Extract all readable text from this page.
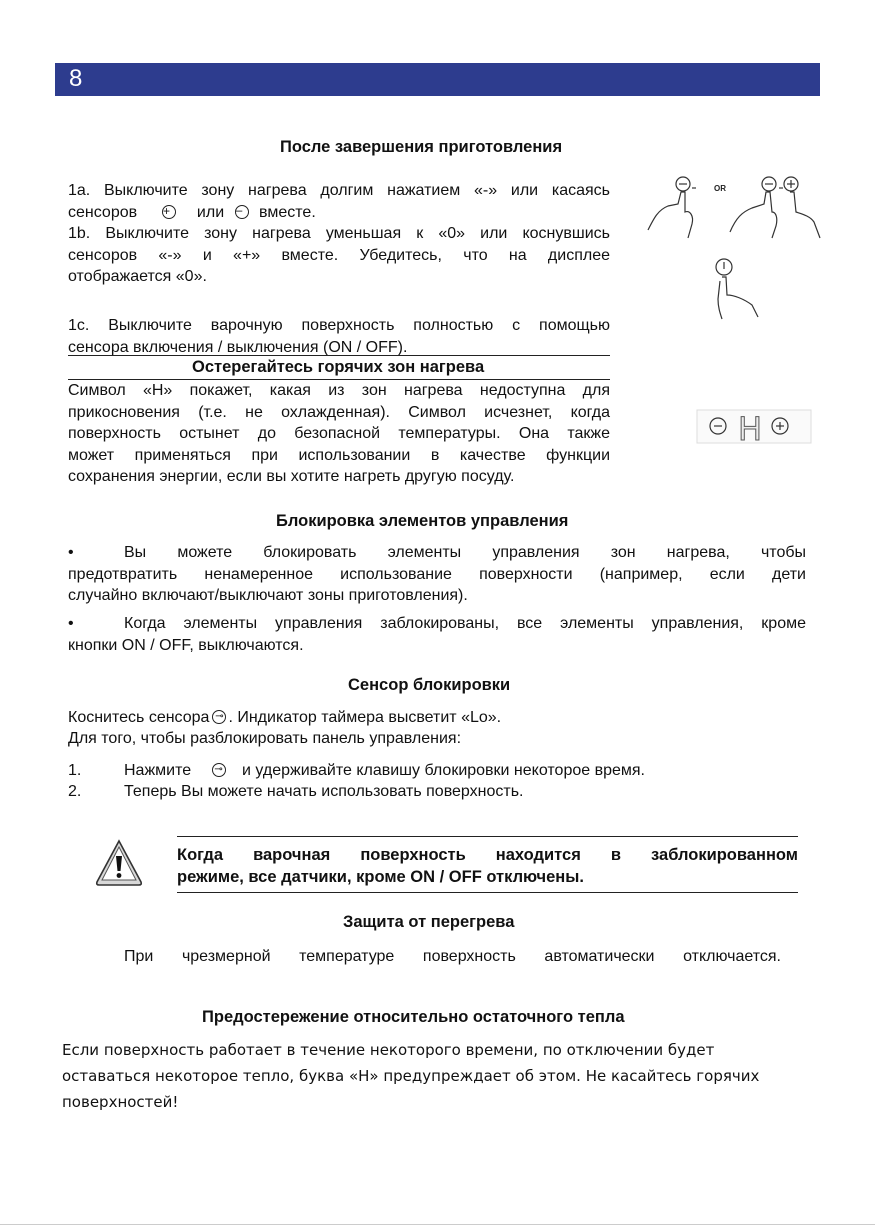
8
После завершения приготовления
1a. Выключите зону нагрева долгим нажатием «-» или касаясь
сенсоров +	или – вместе.
1b. Выключите зону нагрева уменьшая к «0» или коснувшись
сенсоров «-» и «+» вместе. Убедитесь, что на дисплее
отображается «0».
1c. Выключите варочную поверхность полностью с помощью
сенсора включения / выключения (ON / OFF).
Остерегайтесь горячих зон нагрева
Символ «H» покажет, какая из зон нагрева недоступна для
прикосновения (т.е. не охлажденная). Символ исчезнет, когда
поверхность остынет до безопасной температуры. Она также
может применяться при использовании в качестве функции
сохранения энергии, если вы хотите нагреть другую посуду.
OR
H
Блокировка элементов управления
•	Вы можете блокировать элементы управления зон нагрева, чтобы
предотвратить ненамеренное использование поверхности (например, если дети
случайно включают/выключают зоны приготовления).
•	Когда элементы управления заблокированы, все элементы управления, кроме
кнопки ON / OFF, выключаются.
Сенсор блокировки
Коснитесь сенсора ⊸ . Индикатор таймера высветит «Lo».
Для того, чтобы разблокировать панель управления:
1.	Нажмите ⊸	и удерживайте клавишу блокировки некоторое время.
2.	Теперь Вы можете начать использовать поверхность.
Когда варочная поверхность находится в заблокированном
режиме, все датчики, кроме ON / OFF отключены.
Защита от перегрева
При чрезмерной температуре поверхность автоматически отключается.
Предостережение относительно остаточного тепла
Если поверхность работает в течение некоторого времени, по отключении будет
оставаться некоторое тепло, буква «H» предупреждает об этом. Не касайтесь горячих
поверхностей!
